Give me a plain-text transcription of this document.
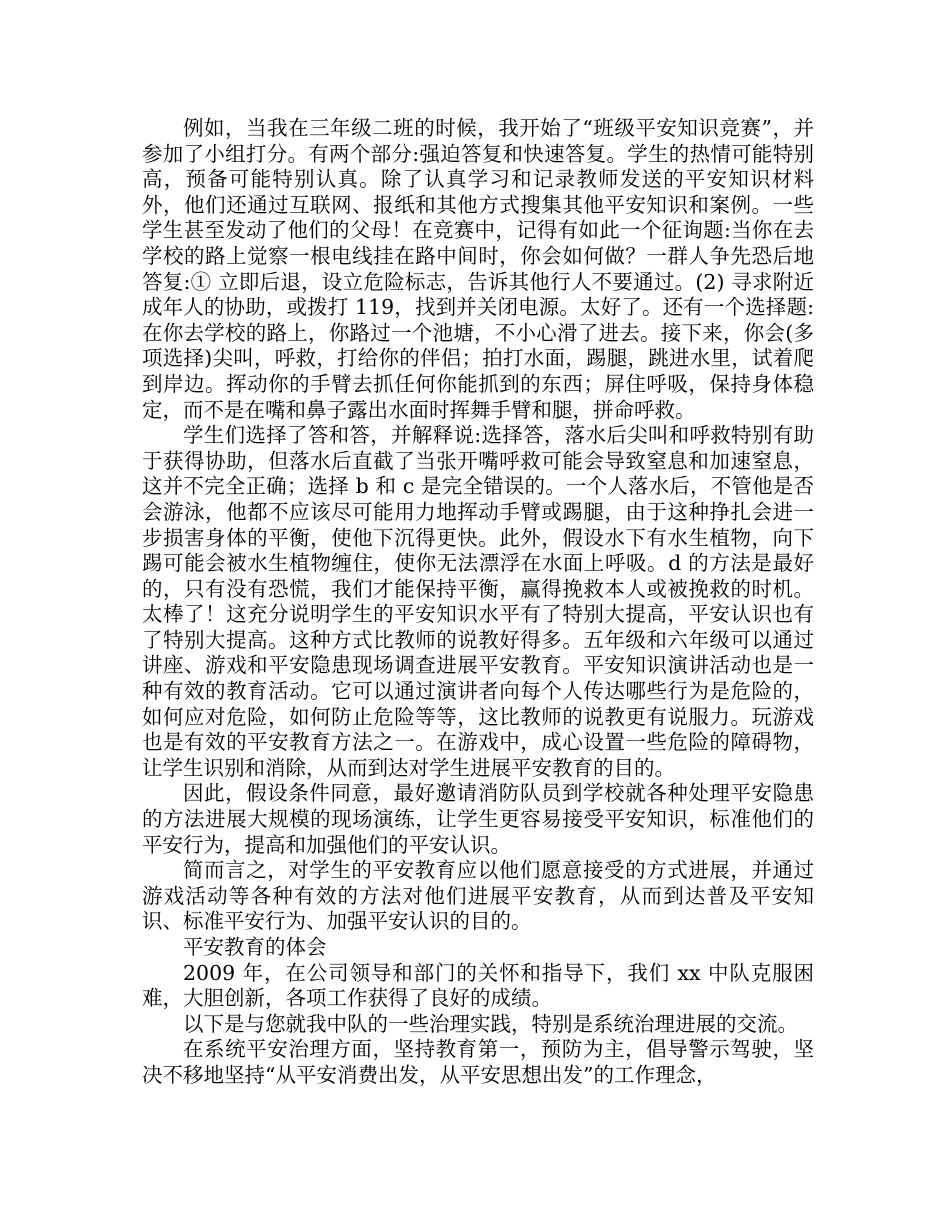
例如，当我在三年级二班的时候，我开始了“班级平安知识竞赛”，并参加了小组打分。有两个部分:强迫答复和快速答复。学生的热情可能特别高，预备可能特别认真。除了认真学习和记录教师发送的平安知识材料外，他们还通过互联网、报纸和其他方式搜集其他平安知识和案例。一些学生甚至发动了他们的父母！在竞赛中，记得有如此一个征询题:当你在去学校的路上觉察一根电线挂在路中间时，你会如何做？一群人争先恐后地答复:① 立即后退，设立危险标志，告诉其他行人不要通过。(2) 寻求附近成年人的协助，或拨打 119，找到并关闭电源。太好了。还有一个选择题:在你去学校的路上，你路过一个池塘，不小心滑了进去。接下来，你会(多项选择)尖叫，呼救，打给你的伴侣；拍打水面，踢腿，跳进水里，试着爬到岸边。挥动你的手臂去抓任何你能抓到的东西；屏住呼吸，保持身体稳定，而不是在嘴和鼻子露出水面时挥舞手臂和腿，拼命呼救。

学生们选择了答和答，并解释说:选择答，落水后尖叫和呼救特别有助于获得协助，但落水后直截了当张开嘴呼救可能会导致窒息和加速窒息，这并不完全正确；选择 b 和 c 是完全错误的。一个人落水后，不管他是否会游泳，他都不应该尽可能用力地挥动手臂或踢腿，由于这种挣扎会进一步损害身体的平衡，使他下沉得更快。此外，假设水下有水生植物，向下踢可能会被水生植物缠住，使你无法漂浮在水面上呼吸。d 的方法是最好的，只有没有恐慌，我们才能保持平衡，赢得挽救本人或被挽救的时机。太棒了！这充分说明学生的平安知识水平有了特别大提高，平安认识也有了特别大提高。这种方式比教师的说教好得多。五年级和六年级可以通过讲座、游戏和平安隐患现场调查进展平安教育。平安知识演讲活动也是一种有效的教育活动。它可以通过演讲者向每个人传达哪些行为是危险的，如何应对危险，如何防止危险等等，这比教师的说教更有说服力。玩游戏也是有效的平安教育方法之一。在游戏中，成心设置一些危险的障碍物，让学生识别和消除，从而到达对学生进展平安教育的目的。

因此，假设条件同意，最好邀请消防队员到学校就各种处理平安隐患的方法进展大规模的现场演练，让学生更容易接受平安知识，标准他们的平安行为，提高和加强他们的平安认识。

简而言之，对学生的平安教育应以他们愿意接受的方式进展，并通过游戏活动等各种有效的方法对他们进展平安教育，从而到达普及平安知识、标准平安行为、加强平安认识的目的。

平安教育的体会

2009 年，在公司领导和部门的关怀和指导下，我们 xx 中队克服困难，大胆创新，各项工作获得了良好的成绩。

以下是与您就我中队的一些治理实践，特别是系统治理进展的交流。

在系统平安治理方面，坚持教育第一，预防为主，倡导警示驾驶，坚决不移地坚持“从平安消费出发，从平安思想出发”的工作理念，
